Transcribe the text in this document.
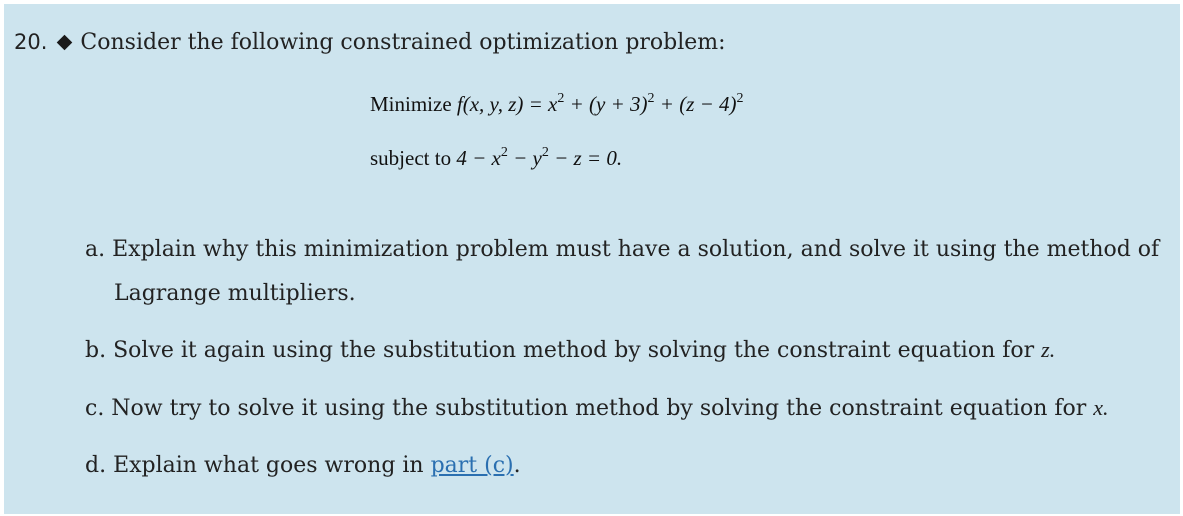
20. Consider the following constrained optimization problem:
Minimize f(x, y, $z) = x^2 + (y + 3)^2 + (z - 4)^2$
subject to $4 - x^2 - y^2 - z = 0$.
a. Explain why this minimization problem must have a solution, and solve it using the method of
Lagrange multipliers.
b. Solve it again using the substitution method by solving the constraint equation for z.
c. Now try to solve it using the substitution method by solving the constraint equation for x.
d. Explain what goes wrong in part (c).
